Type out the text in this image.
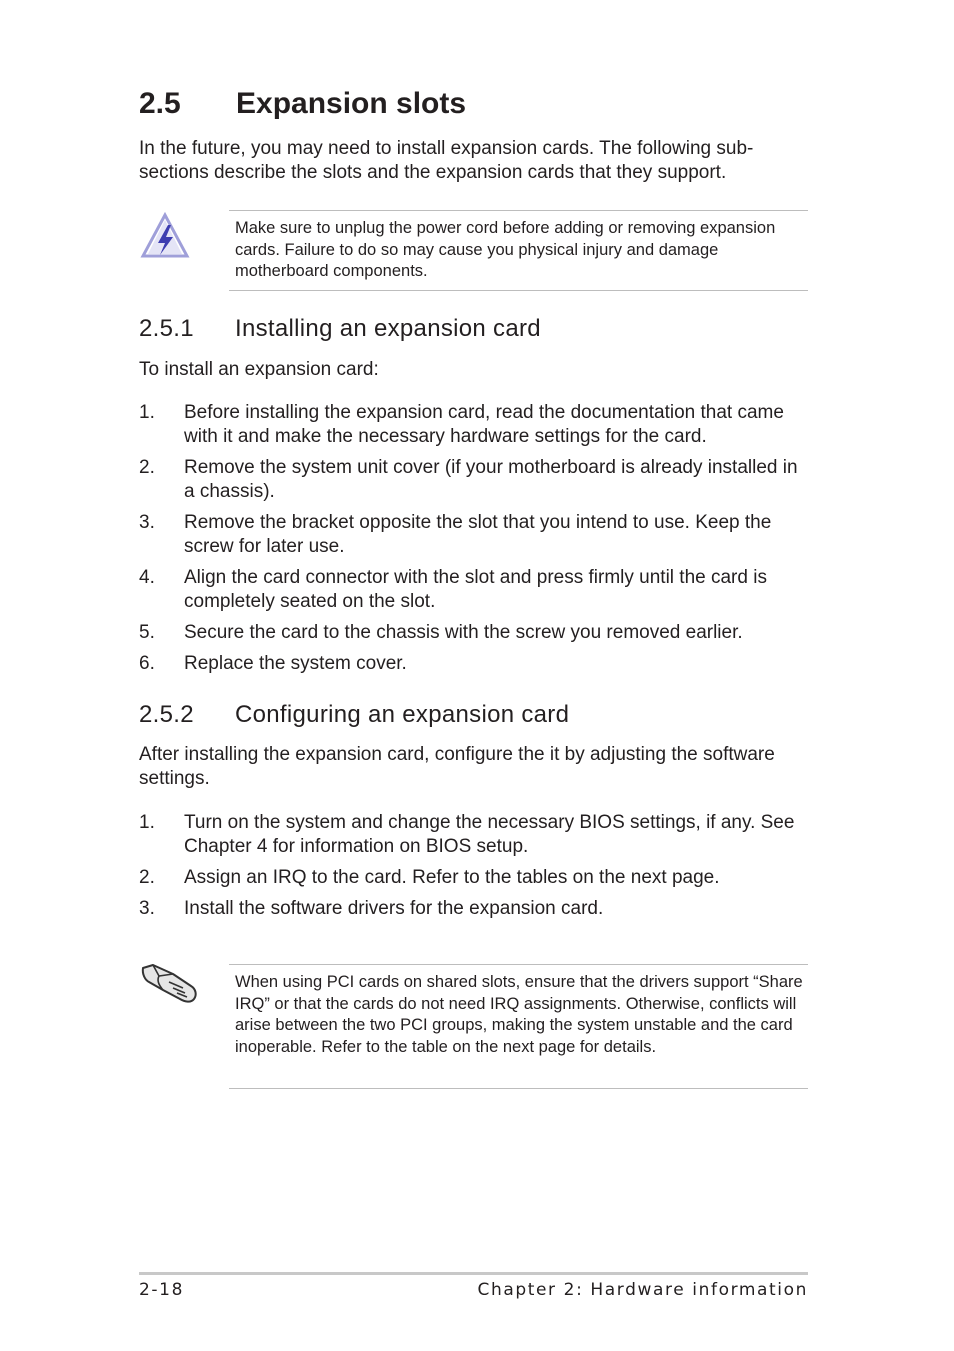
2.5 Expansion slots
In the future, you may need to install expansion cards. The following sub-sections describe the slots and the expansion cards that they support.
Make sure to unplug the power cord before adding or removing expansion cards. Failure to do so may cause you physical injury and damage motherboard components.
2.5.1 Installing an expansion card
To install an expansion card:
1. Before installing the expansion card, read the documentation that came with it and make the necessary hardware settings for the card.
2. Remove the system unit cover (if your motherboard is already installed in a chassis).
3. Remove the bracket opposite the slot that you intend to use. Keep the screw for later use.
4. Align the card connector with the slot and press firmly until the card is completely seated on the slot.
5. Secure the card to the chassis with the screw you removed earlier.
6. Replace the system cover.
2.5.2 Configuring an expansion card
After installing the expansion card, configure the it by adjusting the software settings.
1. Turn on the system and change the necessary BIOS settings, if any. See Chapter 4 for information on BIOS setup.
2. Assign an IRQ to the card. Refer to the tables on the next page.
3. Install the software drivers for the expansion card.
When using PCI cards on shared slots, ensure that the drivers support “Share IRQ” or that the cards do not need IRQ assignments. Otherwise, conflicts will arise between the two PCI groups, making the system unstable and the card inoperable. Refer to the table on the next page for details.
2-18	Chapter 2: Hardware information
